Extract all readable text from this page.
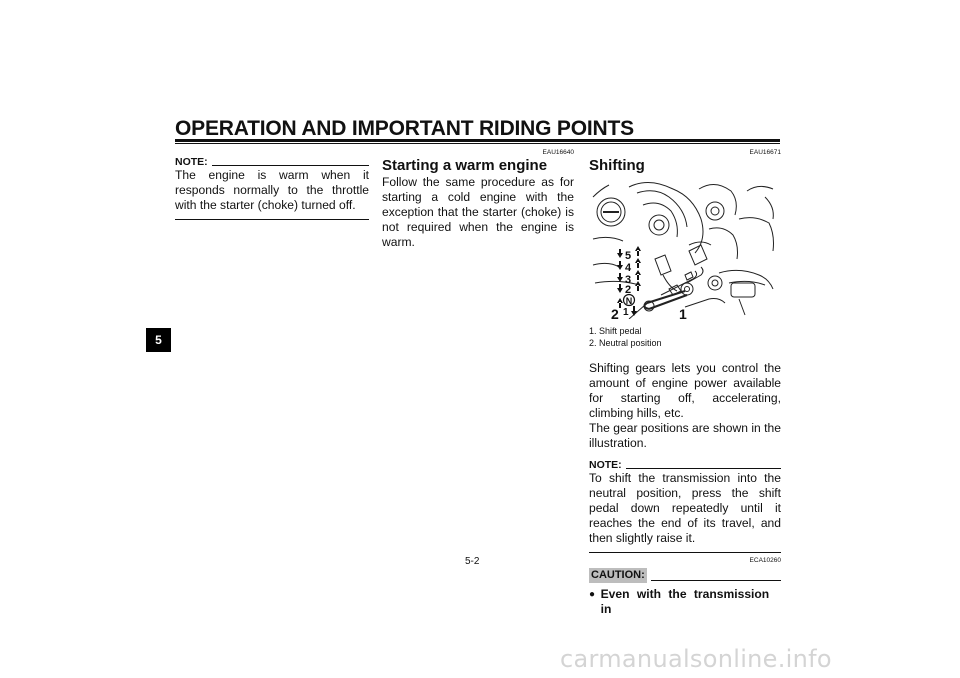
OPERATION AND IMPORTANT RIDING POINTS
5
NOTE:

The engine is warm when it responds normally to the throttle with the starter (choke) turned off.

EAU16640
Starting a warm engine

Follow the same procedure as for starting a cold engine with the exception that the starter (choke) is not required when the engine is warm.

EAU16671
Shifting
5
4
3
2
N
1
2	1
1. Shift pedal
2. Neutral position

Shifting gears lets you control the amount of engine power available for starting off, accelerating, climbing hills, etc.

The gear positions are shown in the illustration.

NOTE:

To shift the transmission into the neutral position, press the shift pedal down repeatedly until it reaches the end of its travel, and then slightly raise it.

ECA10260
CAUTION:
● Even with the transmission in
5-2
carmanualsonline.info
